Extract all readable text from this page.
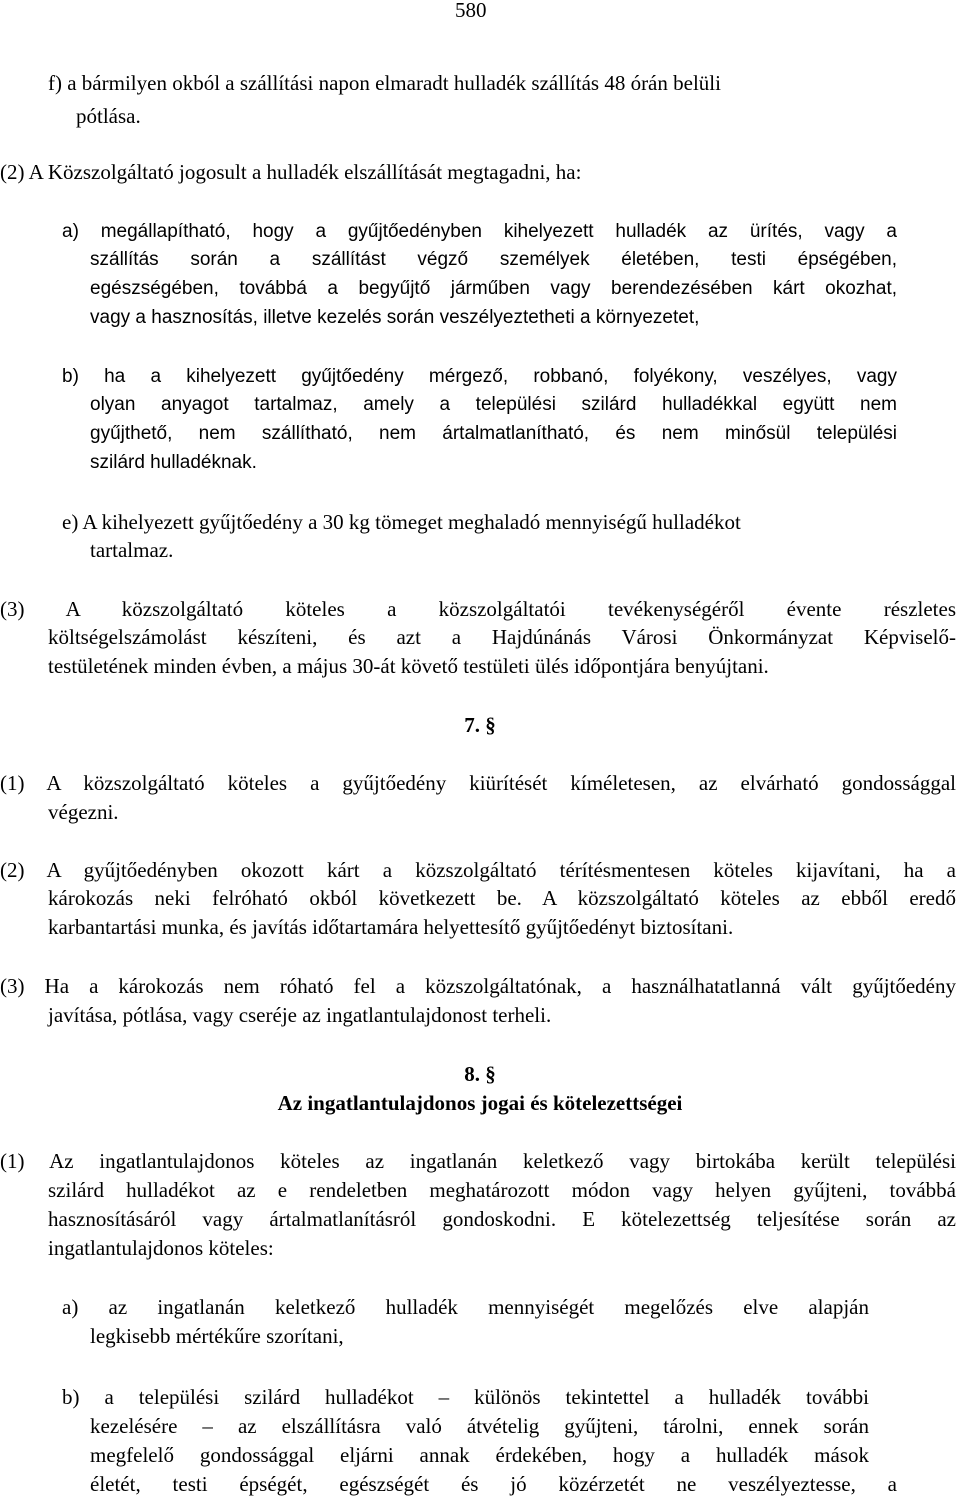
580
f) a bármilyen okból a szállítási napon elmaradt hulladék szállítás 48 órán belüli
pótlása.
(2) A Közszolgáltató jogosult a hulladék elszállítását megtagadni, ha:
a) megállapítható, hogy a gyűjtőedényben kihelyezett hulladék az ürítés, vagy a
szállítás során a szállítást végző személyek életében, testi épségében,
egészségében, továbbá a begyűjtő járműben vagy berendezésében kárt okozhat,
vagy a hasznosítás, illetve kezelés során veszélyeztetheti a környezetet,
b) ha a kihelyezett gyűjtőedény mérgező, robbanó, folyékony, veszélyes, vagy
olyan anyagot tartalmaz, amely a települési szilárd hulladékkal együtt nem
gyűjthető, nem szállítható, nem ártalmatlanítható, és nem minősül települési
szilárd hulladéknak.
e) A kihelyezett gyűjtőedény a 30 kg tömeget meghaladó mennyiségű hulladékot
tartalmaz.
(3) A közszolgáltató köteles a közszolgáltatói tevékenységéről évente részletes
költségelszámolást készíteni, és azt a Hajdúnánás Városi Önkormányzat Képviselő-
testületének minden évben, a május 30-át követő testületi ülés időpontjára benyújtani.
7. §
(1) A közszolgáltató köteles a gyűjtőedény kiürítését kíméletesen, az elvárható gondossággal
végezni.
(2) A gyűjtőedényben okozott kárt a közszolgáltató térítésmentesen köteles kijavítani, ha a
károkozás neki felróható okból következett be. A közszolgáltató köteles az ebből eredő
karbantartási munka, és javítás időtartamára helyettesítő gyűjtőedényt biztosítani.
(3) Ha a károkozás nem róható fel a közszolgáltatónak, a használhatatlanná vált gyűjtőedény
javítása, pótlása, vagy cseréje az ingatlantulajdonost terheli.
8. §
Az ingatlantulajdonos jogai és kötelezettségei
(1) Az ingatlantulajdonos köteles az ingatlanán keletkező vagy birtokába került települési
szilárd hulladékot az e rendeletben meghatározott módon vagy helyen gyűjteni, továbbá
hasznosításáról vagy ártalmatlanításról gondoskodni. E kötelezettség teljesítése során az
ingatlantulajdonos köteles:
a) az ingatlanán keletkező hulladék mennyiségét megelőzés elve alapján
legkisebb mértékűre szorítani,
b) a települési szilárd hulladékot – különös tekintettel a hulladék további
kezelésére – az elszállításra való átvételig gyűjteni, tárolni, ennek során
megfelelő gondossággal eljárni annak érdekében, hogy a hulladék mások
életét, testi épségét, egészségét és jó közérzetét ne veszélyeztesse, a
